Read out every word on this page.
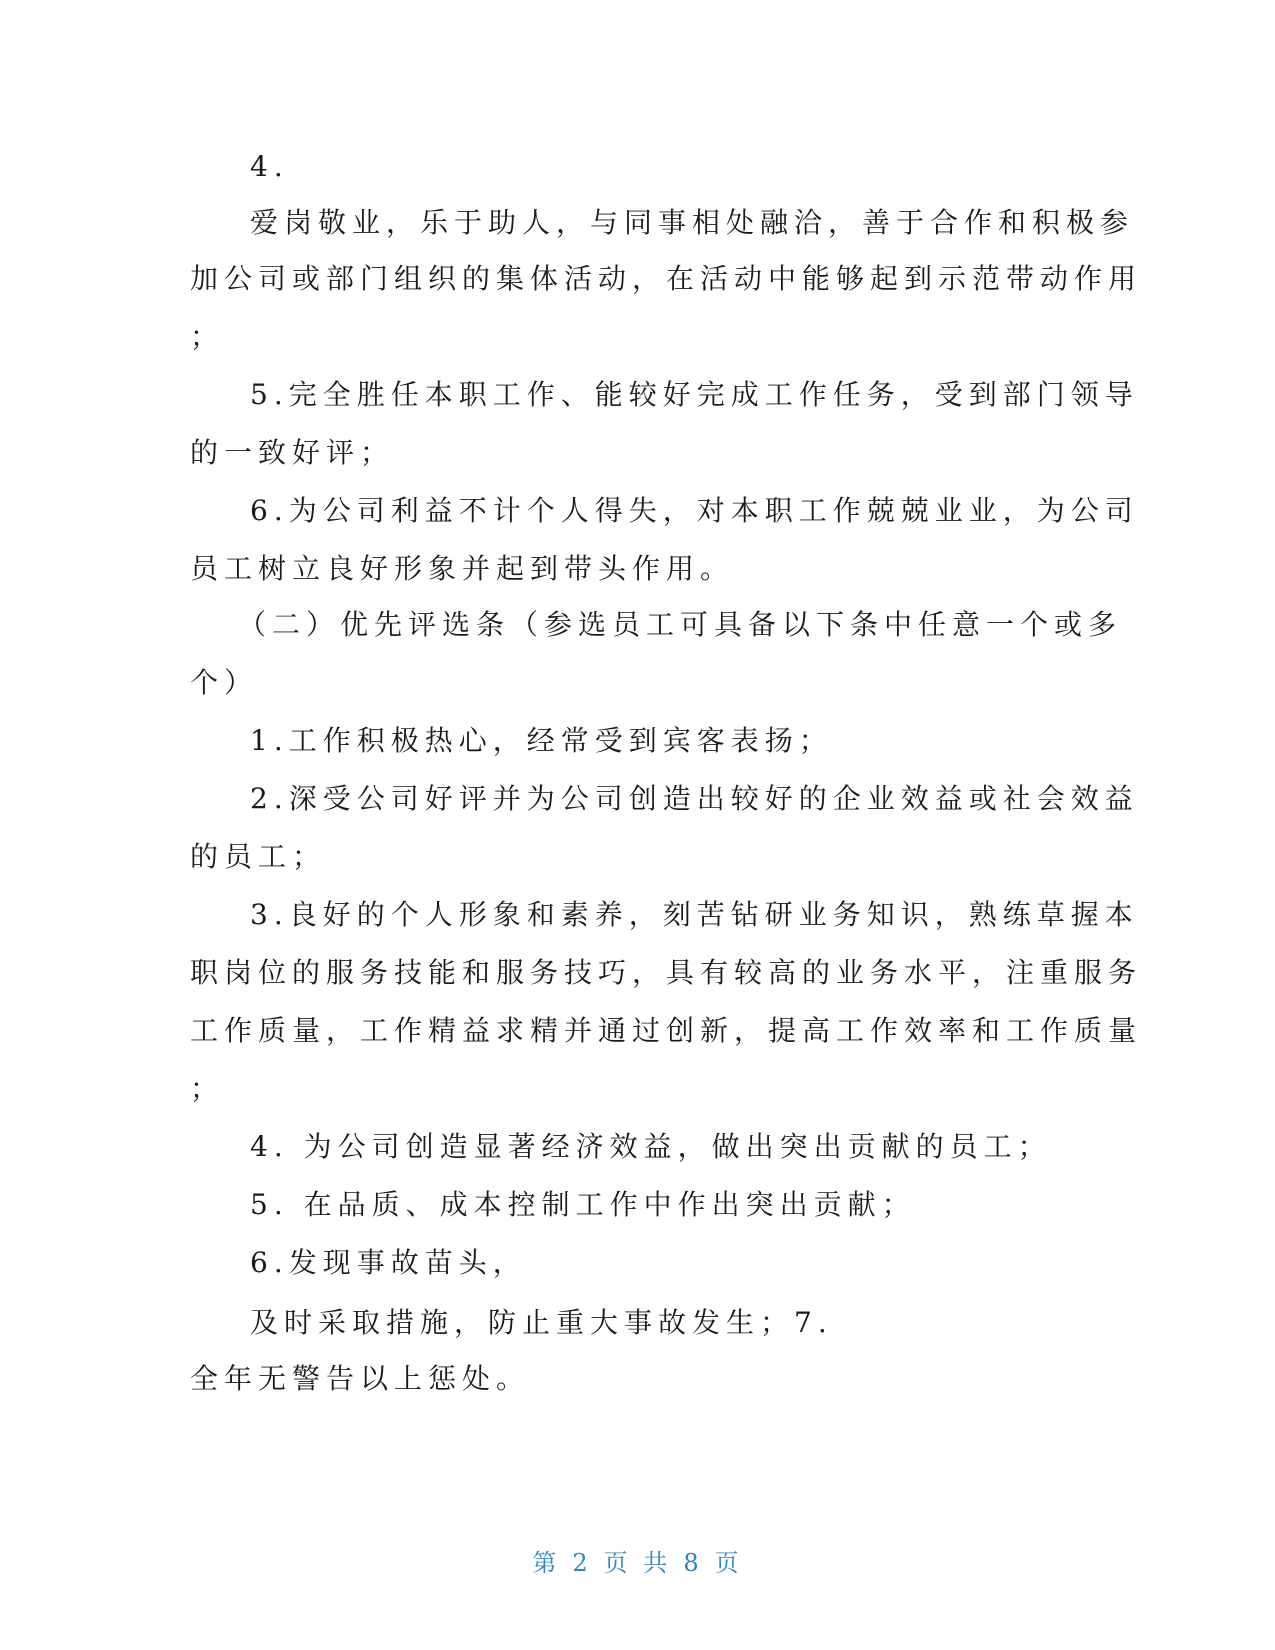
4.
爱岗敬业，乐于助人，与同事相处融洽，善于合作和积极参
加公司或部门组织的集体活动，在活动中能够起到示范带动作用
；
5.完全胜任本职工作、能较好完成工作任务，受到部门领导
的一致好评；
6.为公司利益不计个人得失，对本职工作兢兢业业，为公司
员工树立良好形象并起到带头作用。
（二）优先评选条（参选员工可具备以下条中任意一个或多
个）
1.工作积极热心，经常受到宾客表扬；
2.深受公司好评并为公司创造出较好的企业效益或社会效益
的员工；
3.良好的个人形象和素养，刻苦钻研业务知识，熟练草握本
职岗位的服务技能和服务技巧，具有较高的业务水平，注重服务
工作质量，工作精益求精并通过创新，提高工作效率和工作质量
；
4. 为公司创造显著经济效益，做出突出贡献的员工；
5. 在品质、成本控制工作中作出突出贡献；
6.发现事故苗头，
及时采取措施，防止重大事故发生；7.
全年无警告以上惩处。
第 2 页 共 8 页
